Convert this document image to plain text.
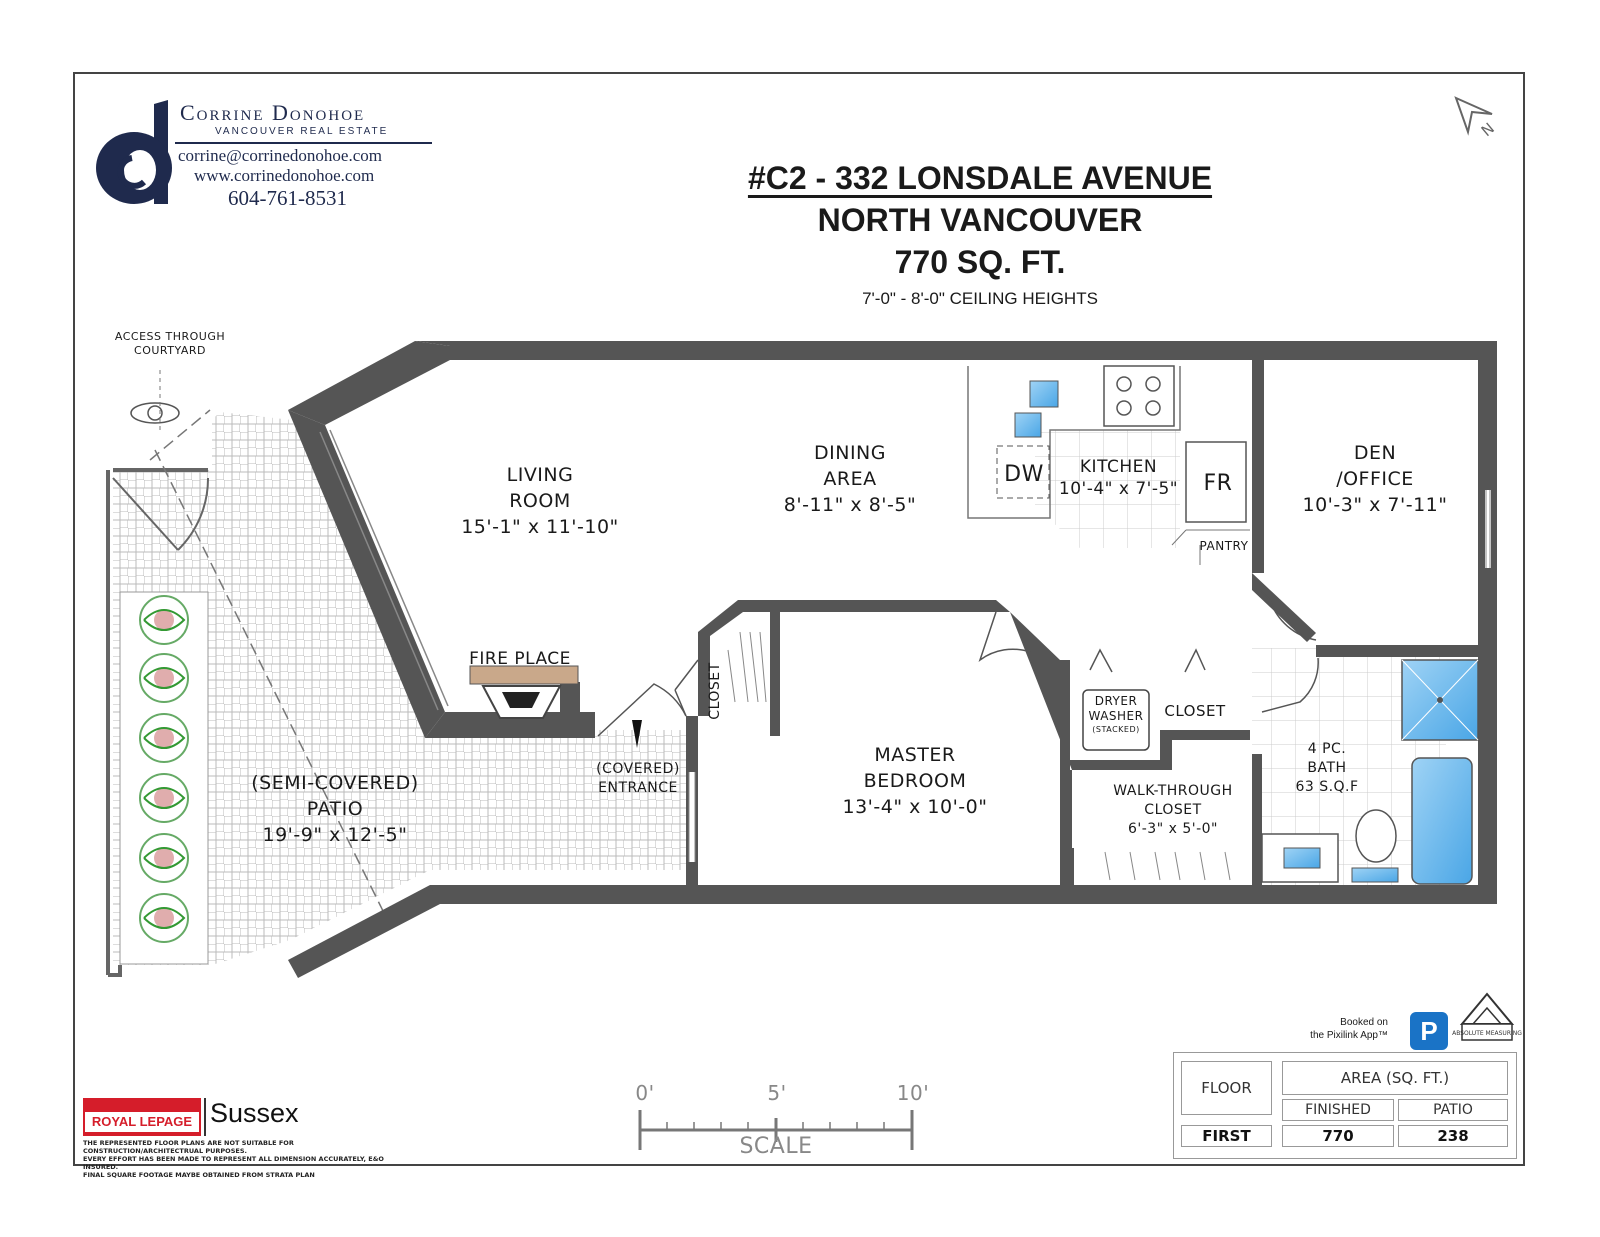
Corrine Donohoe
VANCOUVER REAL ESTATE
corrine@corrinedonohoe.com
www.corrinedonohoe.com
604-761-8531
N
#C2 - 332 LONSDALE AVENUE
NORTH VANCOUVER
770 SQ. FT.
7'-0" - 8'-0" CEILING HEIGHTS
ACCESS THROUGH
COURTYARD
LIVING
ROOM
15'-1" x 11'-10"
DINING
AREA
8'-11" x 8'-5"
KITCHEN
10'-4" x 7'-5"
DW	FR
PANTRY
DEN
/OFFICE
10'-3" x 7'-11"
FIRE PLACE
CLOSET
(COVERED)
ENTRANCE
(SEMI-COVERED)
PATIO
19'-9" x 12'-5"
MASTER
BEDROOM
13'-4" x 10'-0"
DRYER
WASHER
(STACKED)
CLOSET
WALK-THROUGH
CLOSET
6'-3" x 5'-0"
4 PC.
BATH
63 S.Q.F
0'	5'	10'
SCALE
Booked on
the Pixilink App™	P	ABSOLUTE MEASURING
FLOOR
AREA (SQ. FT.)
FINISHED	PATIO
FIRST	770	238
ROYAL LEPAGE Sussex
THE REPRESENTED FLOOR PLANS ARE NOT SUITABLE FOR CONSTRUCTION/ARCHITECTRUAL PURPOSES.
EVERY EFFORT HAS BEEN MADE TO REPRESENT ALL DIMENSION ACCURATELY, E&O INSURED.
FINAL SQUARE FOOTAGE MAYBE OBTAINED FROM STRATA PLAN
